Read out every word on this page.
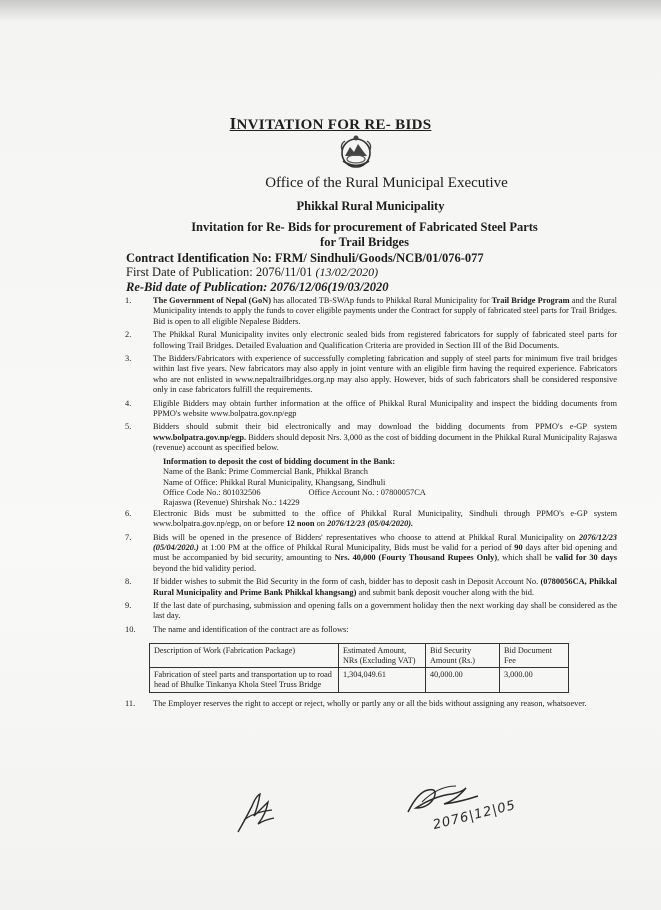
INVITATION FOR RE- BIDS
Office of the Rural Municipal Executive
Phikkal Rural Municipality
Invitation for Re- Bids for procurement of Fabricated Steel Parts
for Trail Bridges
Contract Identification No: FRM/ Sindhuli/Goods/NCB/01/076-077
First Date of Publication: 2076/11/01 (13/02/2020)
Re-Bid date of Publication: 2076/12/06(19/03/2020
1.	The Government of Nepal (GoN) has allocated TB-SWAp funds to Phikkal Rural Municipality for Trail Bridge Program and the Rural Municipality intends to apply the funds to cover eligible payments under the Contract for supply of fabricated steel parts for Trail Bridges. Bid is open to all eligible Nepalese Bidders.
2.	The Phikkal Rural Municipality invites only electronic sealed bids from registered fabricators for supply of fabricated steel parts for following Trail Bridges. Detailed Evaluation and Qualification Criteria are provided in Section III of the Bid Documents.
3.	The Bidders/Fabricators with experience of successfully completing fabrication and supply of steel parts for minimum five trail bridges within last five years. New fabricators may also apply in joint venture with an eligible firm having the required experience. Fabricators who are not enlisted in www.nepaltrailbridges.org.np may also apply. However, bids of such fabricators shall be considered responsive only in case fabricators fulfill the requirements.
4.	Eligible Bidders may obtain further information at the office of Phikkal Rural Municipality and inspect the bidding documents from PPMO's website www.bolpatra.gov.np/egp
5.	Bidders should submit their bid electronically and may download the bidding documents from PPMO's e-GP system www.bolpatra.gov.np/egp. Bidders should deposit Nrs. 3,000 as the cost of bidding document in the Phikkal Rural Municipality Rajaswa (revenue) account as specified below.
Information to deposit the cost of bidding document in the Bank:
Name of the Bank: Prime Commercial Bank, Phikkal Branch
Name of Office: Phikkal Rural Municipality, Khangsang, Sindhuli
Office Code No.: 801032506	Office Account No. : 07800057CA
Rajaswa (Revenue) Shirshak No.: 14229
6.	Electronic Bids must be submitted to the office of Phikkal Rural Municipality, Sindhuli through PPMO's e-GP system www.bolpatra.gov.np/egp, on or before 12 noon on 2076/12/23 (05/04/2020).
7.	Bids will be opened in the presence of Bidders' representatives who choose to attend at Phikkal Rural Municipality on 2076/12/23 (05/04/2020.) at 1:00 PM at the office of Phikkal Rural Municipality, Bids must be valid for a period of 90 days after bid opening and must be accompanied by bid security, amounting to Nrs. 40,000 (Fourty Thousand Rupees Only), which shall be valid for 30 days beyond the bid validity period.
8.	If bidder wishes to submit the Bid Security in the form of cash, bidder has to deposit cash in Deposit Account No. (0780056CA, Phikkal Rural Municipality and Prime Bank Phikkal khangsang) and submit bank deposit voucher along with the bid.
9.	If the last date of purchasing, submission and opening falls on a government holiday then the next working day shall be considered as the last day.
10. The name and identification of the contract are as follows:
Description of Work (Fabrication Package)	Estimated Amount, NRs (Excluding VAT)	Bid Security Amount (Rs.)	Bid Document Fee
Fabrication of steel parts and transportation up to road head of Bhulke Tinkanya Khola Steel Truss Bridge	1,304,049.61	40,000.00	3,000.00
11. The Employer reserves the right to accept or reject, wholly or partly any or all the bids without assigning any reason, whatsoever.
2076|12|05
